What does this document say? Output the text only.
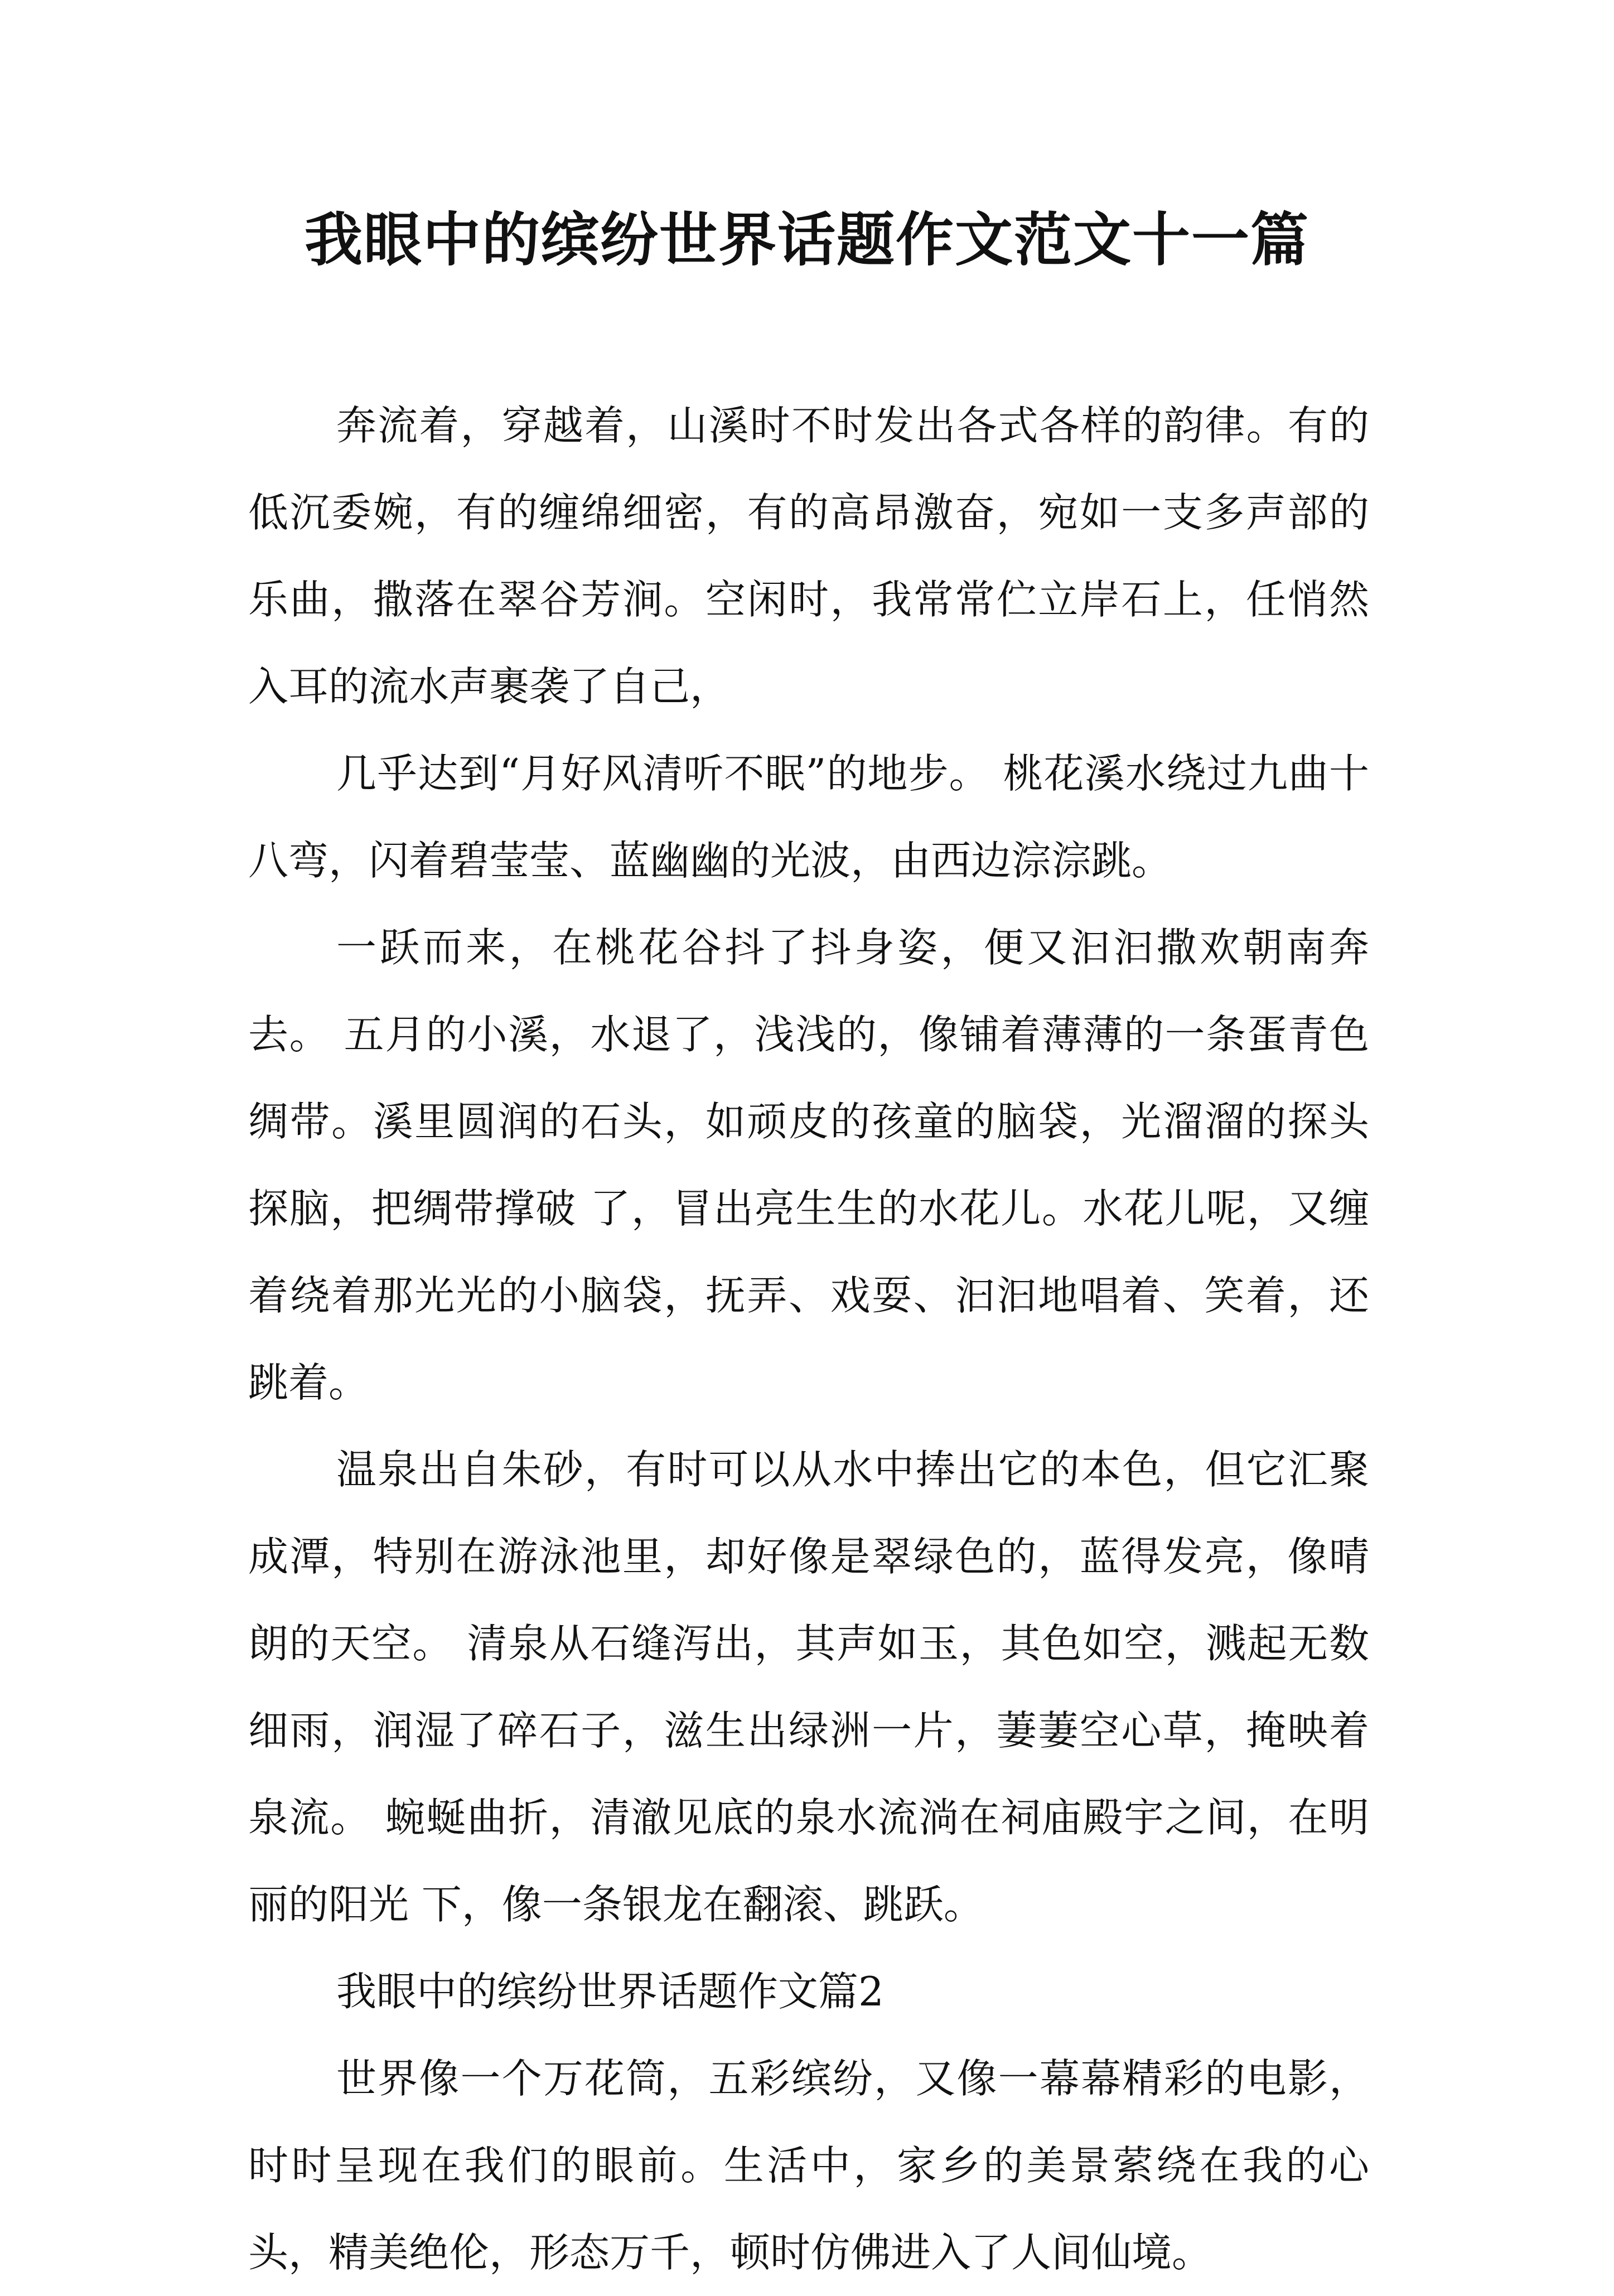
我眼中的缤纷世界话题作文范文十一篇

奔流着，穿越着，山溪时不时发出各式各样的韵律。有的低沉委婉，有的缠绵细密，有的高昂激奋，宛如一支多声部的乐曲，撒落在翠谷芳涧。空闲时，我常常伫立岸石上，任悄然入耳的流水声裹袭了自己，

几乎达到“月好风清听不眠”的地步。 桃花溪水绕过九曲十八弯，闪着碧莹莹、蓝幽幽的光波，由西边淙淙跳。

一跃而来，在桃花谷抖了抖身姿，便又汩汩撒欢朝南奔去。 五月的小溪，水退了，浅浅的，像铺着薄薄的一条蛋青色绸带。溪里圆润的石头，如顽皮的孩童的脑袋，光溜溜的探头探脑，把绸带撑破 了，冒出亮生生的水花儿。水花儿呢，又缠着绕着那光光的小脑袋，抚弄、戏耍、汩汩地唱着、笑着，还跳着。

温泉出自朱砂，有时可以从水中捧出它的本色，但它汇聚成潭，特别在游泳池里，却好像是翠绿色的，蓝得发亮，像晴朗的天空。 清泉从石缝泻出，其声如玉，其色如空，溅起无数细雨，润湿了碎石子，滋生出绿洲一片，萋萋空心草，掩映着泉流。 蜿蜒曲折，清澈见底的泉水流淌在祠庙殿宇之间，在明丽的阳光 下，像一条银龙在翻滚、跳跃。

我眼中的缤纷世界话题作文篇2

世界像一个万花筒，五彩缤纷，又像一幕幕精彩的电影，时时呈现在我们的眼前。生活中，家乡的美景萦绕在我的心头，精美绝伦，形态万千，顿时仿佛进入了人间仙境。
